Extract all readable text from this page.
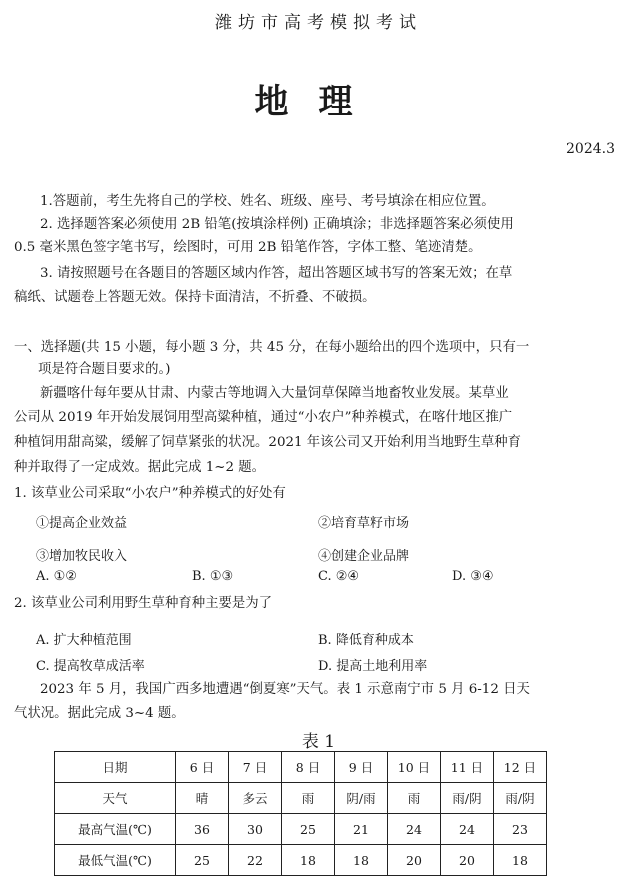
潍坊市高考模拟考试
地理
2024.3
1.答题前，考生先将自己的学校、姓名、班级、座号、考号填涂在相应位置。
2. 选择题答案必须使用 2B 铅笔(按填涂样例) 正确填涂；非选择题答案必须使用
0.5 毫米黑色签字笔书写，绘图时，可用 2B 铅笔作答，字体工整、笔迹清楚。
3. 请按照题号在各题目的答题区域内作答，超出答题区域书写的答案无效；在草
稿纸、试题卷上答题无效。保持卡面清洁，不折叠、不破损。
一、选择题(共 15 小题，每小题 3 分，共 45 分，在每小题给出的四个选项中，只有一
项是符合题目要求的。)
新疆喀什每年要从甘肃、内蒙古等地调入大量饲草保障当地畜牧业发展。某草业
公司从 2019 年开始发展饲用型高粱种植，通过“小农户”种养模式，在喀什地区推广
种植饲用甜高粱，缓解了饲草紧张的状况。2021 年该公司又开始利用当地野生草种育
种并取得了一定成效。据此完成 1~2 题。
1. 该草业公司采取“小农户”种养模式的好处有
①提高企业效益	②培育草籽市场
③增加牧民收入	④创建企业品牌
A. ①②	B. ①③	C. ②④	D. ③④
2. 该草业公司利用野生草种育种主要是为了
A. 扩大种植范围	B. 降低育种成本
C. 提高牧草成活率	D. 提高土地利用率
2023 年 5 月，我国广西多地遭遇“倒夏寒”天气。表 1 示意南宁市 5 月 6-12 日天
气状况。据此完成 3~4 题。
表 1
日期	6 日	7 日	8 日	9 日	10 日	11 日	12 日
天气	晴	多云	雨	阴/雨	雨	雨/阴	雨/阴
最高气温(℃)	36	30	25	21	24	24	23
最低气温(℃)	25	22	18	18	20	20	18
